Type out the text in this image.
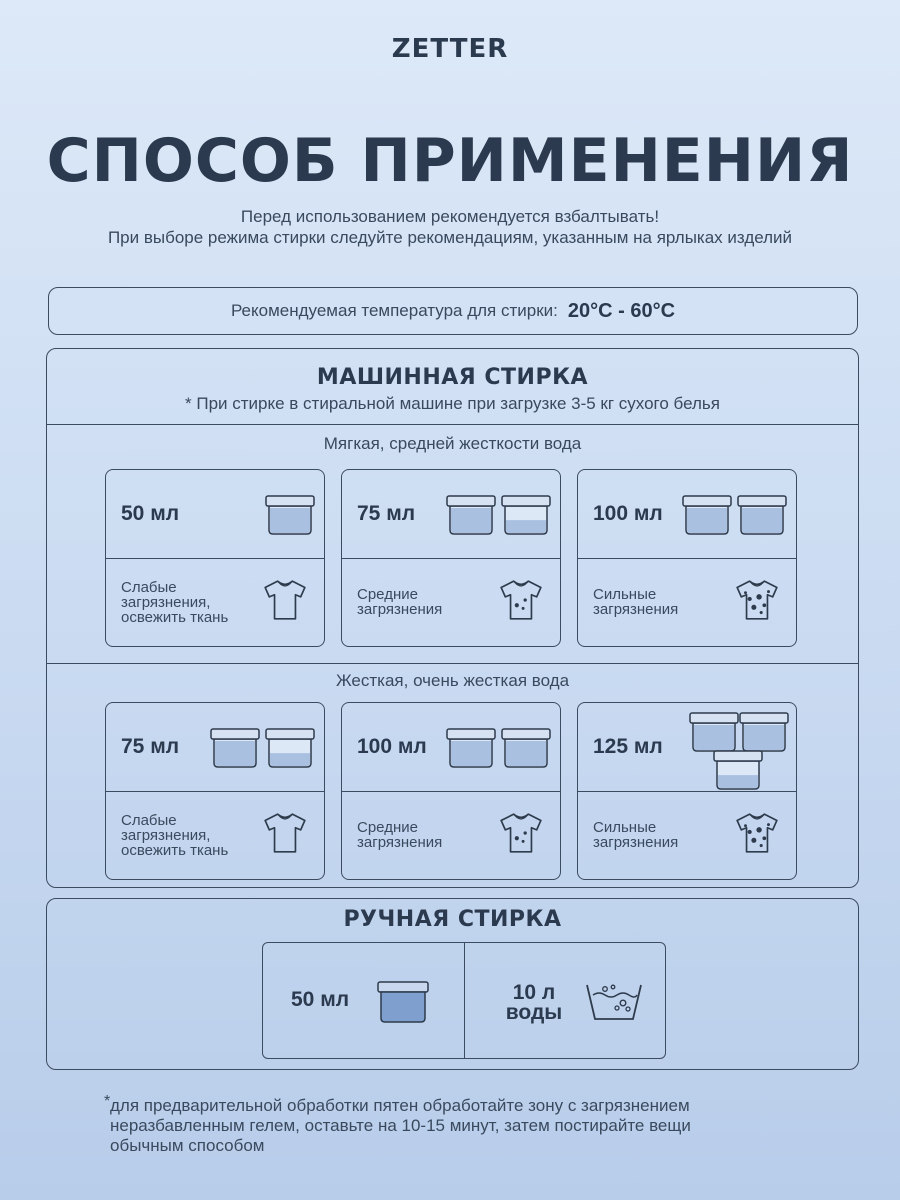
ZETTER
СПОСОБ ПРИМЕНЕНИЯ
Перед использованием рекомендуется взбалтывать!
При выборе режима стирки следуйте рекомендациям, указанным на ярлыках изделий
Рекомендуемая температура для стирки: 20°С - 60°С
МАШИННАЯ СТИРКА
* При стирке в стиральной машине при загрузке 3-5 кг сухого белья
Мягкая, средней жесткости вода
Жесткая, очень жесткая вода
50 мл
Слабые
загрязнения,
освежить ткань
75 мл
Средние
загрязнения
100 мл
Сильные
загрязнения
75 мл
Слабые
загрязнения,
освежить ткань
100 мл
Средние
загрязнения
125 мл
Сильные
загрязнения
РУЧНАЯ СТИРКА
50 мл	10 л
воды
* для предварительной обработки пятен обработайте зону с загрязнением
неразбавленным гелем, оставьте на 10-15 минут, затем постирайте вещи
обычным способом
